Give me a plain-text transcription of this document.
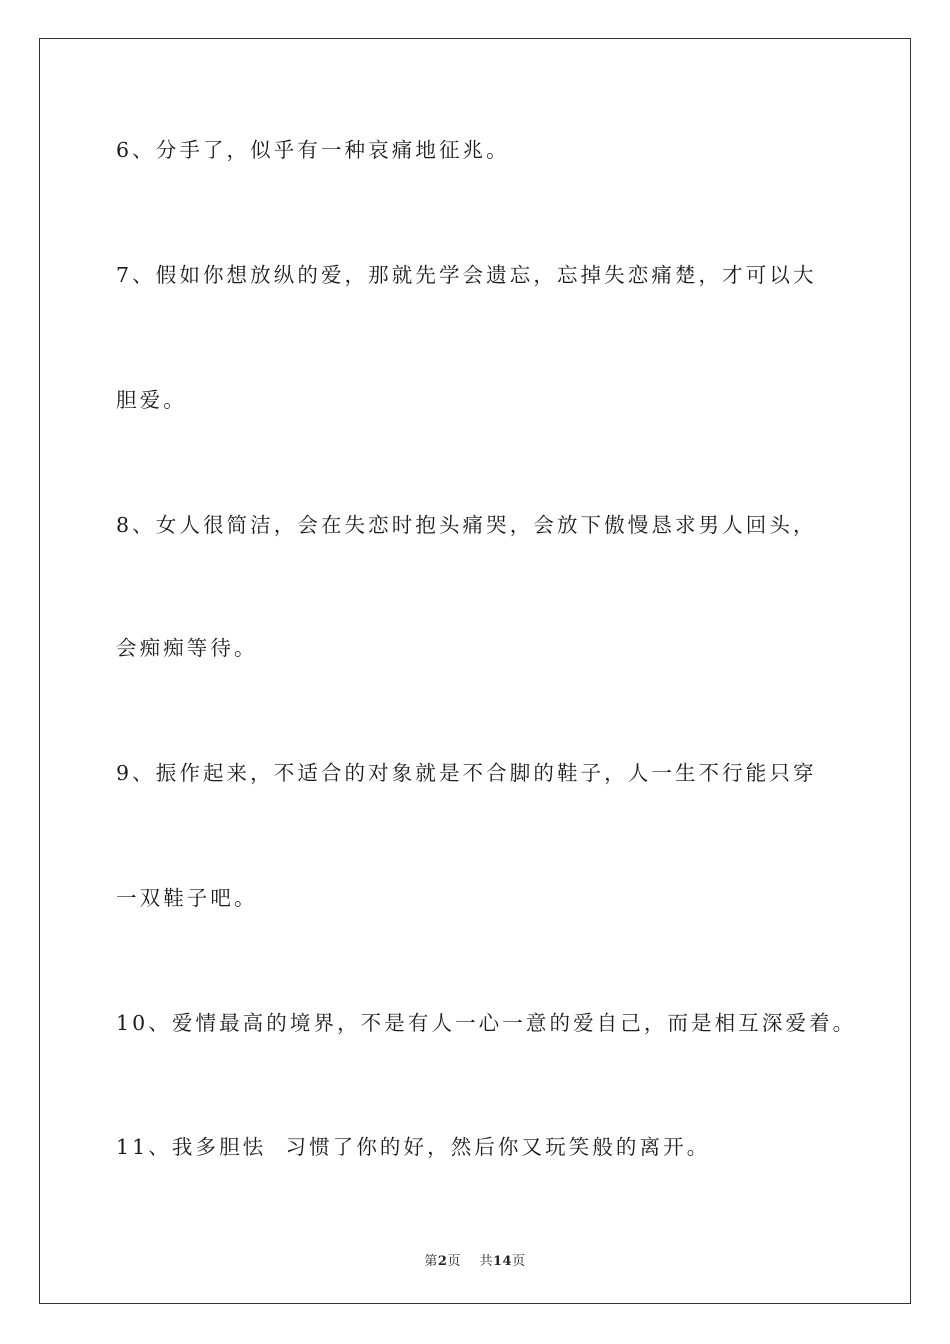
6、分手了，似乎有一种哀痛地征兆。
7、假如你想放纵的爱，那就先学会遗忘，忘掉失恋痛楚，才可以大
胆爱。
8、女人很简洁，会在失恋时抱头痛哭，会放下傲慢恳求男人回头，
会痴痴等待。
9、振作起来，不适合的对象就是不合脚的鞋子，人一生不行能只穿
一双鞋子吧。
10、爱情最高的境界，不是有人一心一意的爱自己，而是相互深爱着。
11、我多胆怯  习惯了你的好，然后你又玩笑般的离开。
第2页 共14页
